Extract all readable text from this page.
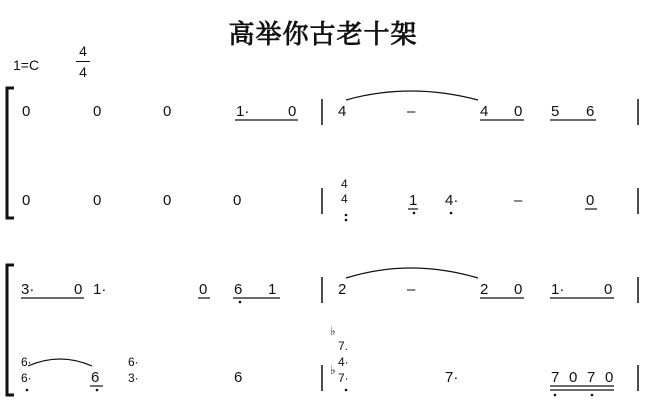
高举你古老十架
1=C
4
4
0	0	0	1·	0	4	–	4 0 5 6
0	0	0	0
4
4	1 4·	–	0
3·	0 1·	0 6 1	2	–	2 0 1·	0
6·
6·	6
6·
3·	6
♭
7.
♭
4·
7·	7·	7 0 7 0
